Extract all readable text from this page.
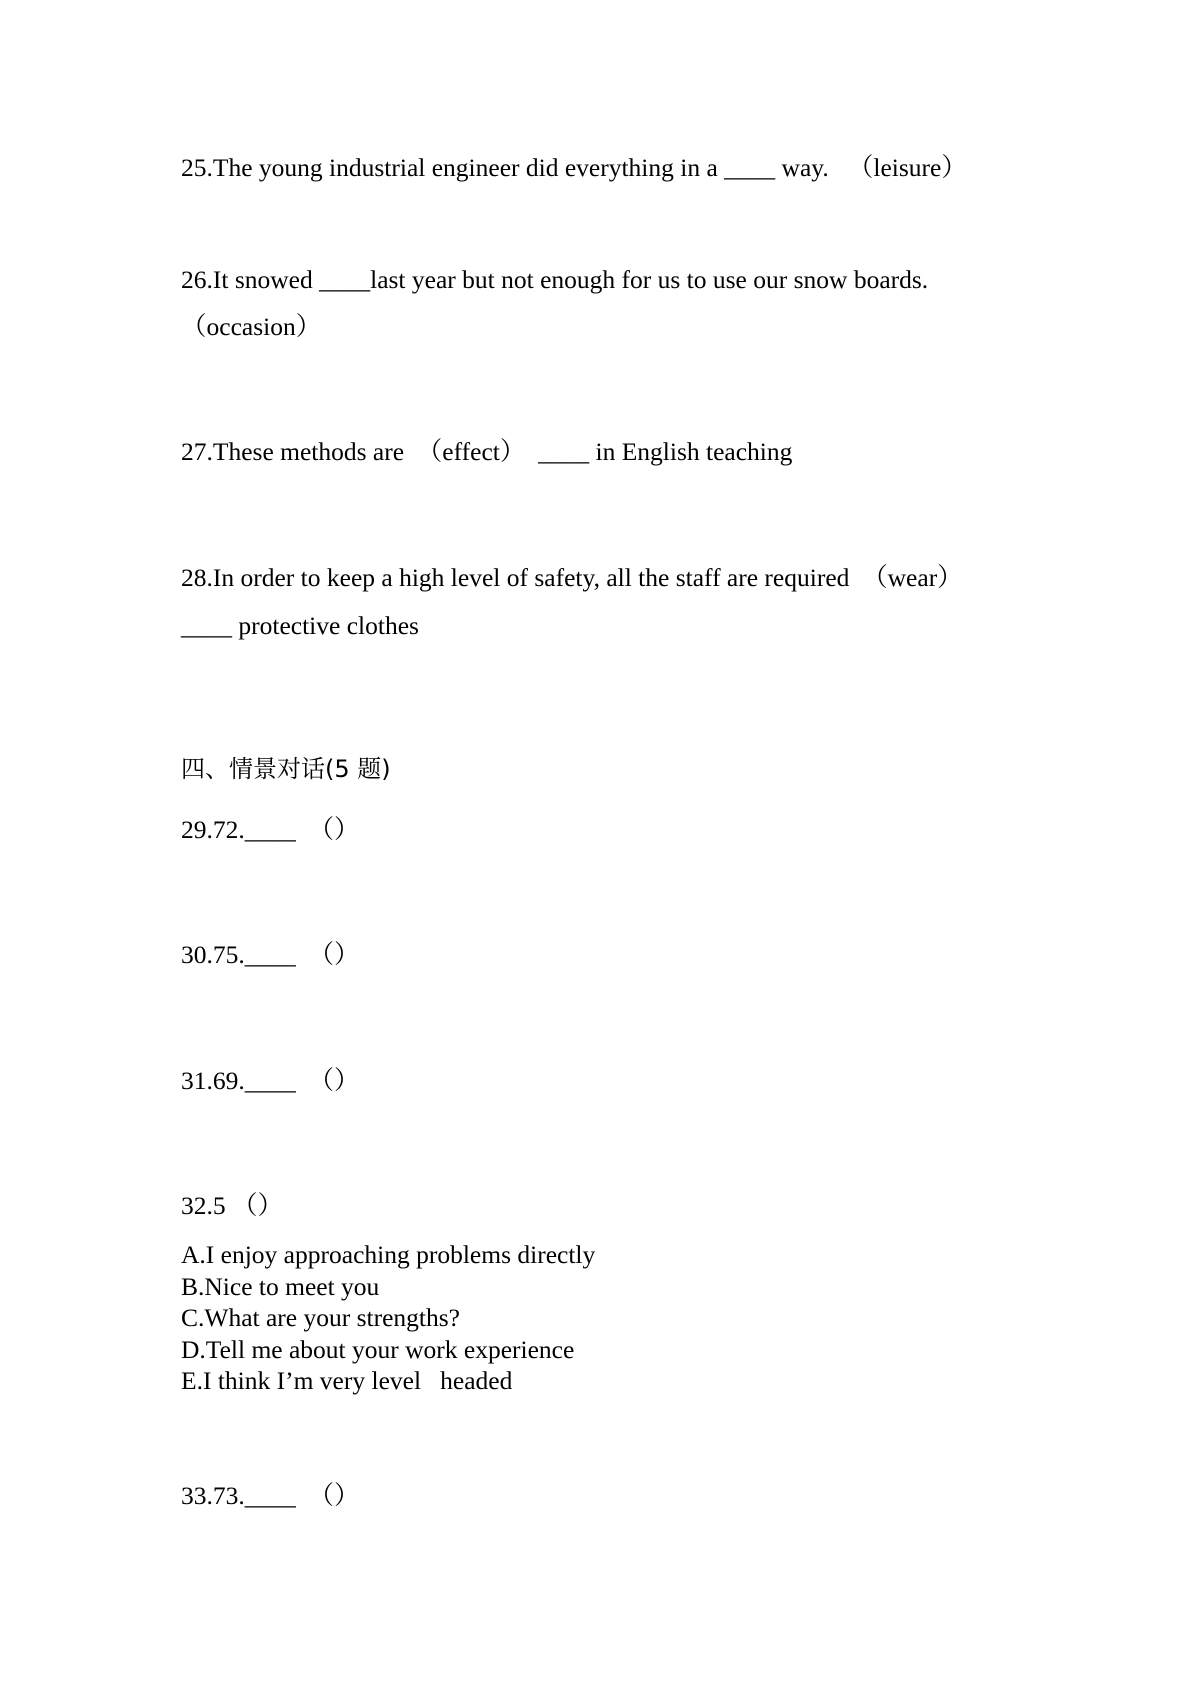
25.The young industrial engineer did everything in a ____ way.   （leisure）
26.It snowed ____last year but not enough for us to use our snow boards.
（occasion）
27.These methods are  （effect）  ____ in English teaching
28.In order to keep a high level of safety, all the staff are required  （wear）
____ protective clothes
四、情景对话(5 题)
29.72.____  （）
30.75.____  （）
31.69.____  （）
32.5 （）
A.I enjoy approaching problems directly
B.Nice to meet you
C.What are your strengths?
D.Tell me about your work experience
E.I think I’m very level   headed
33.73.____  （）
